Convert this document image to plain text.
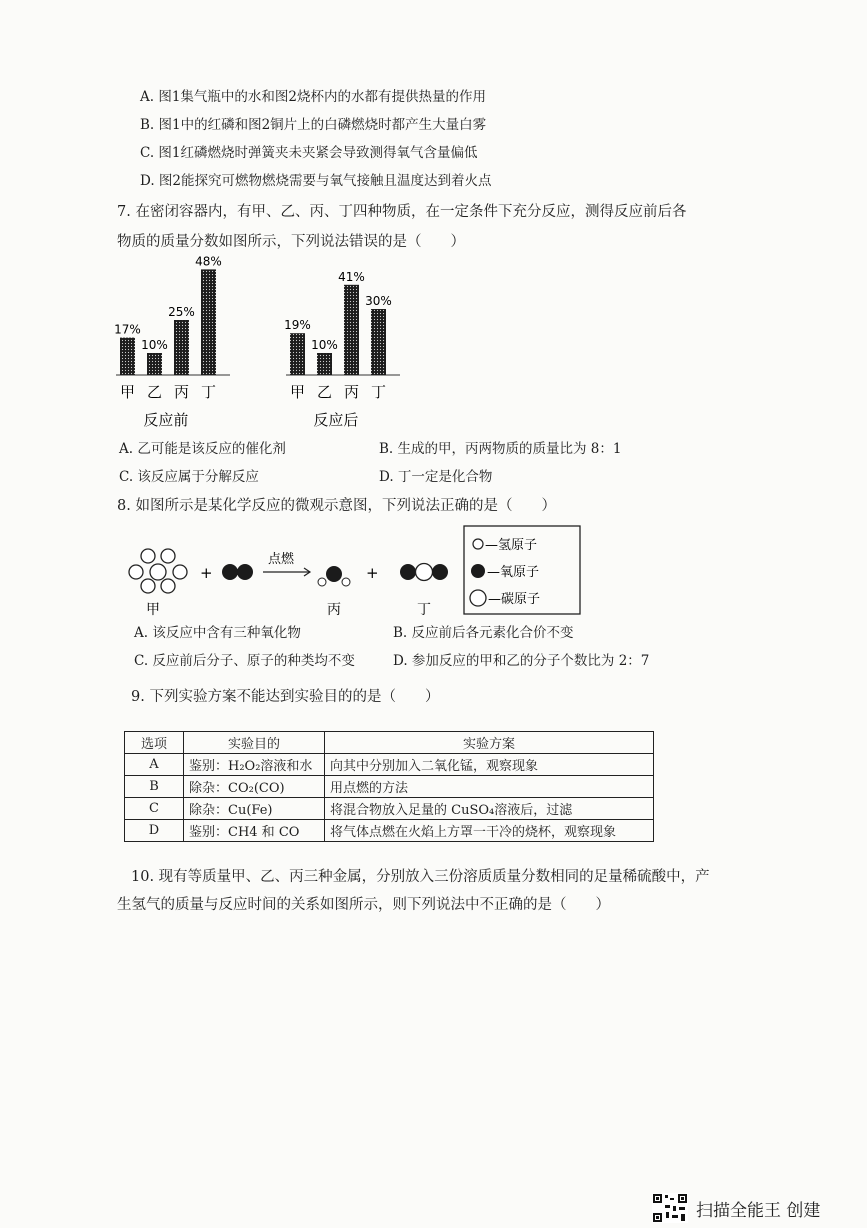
A. 图1集气瓶中的水和图2烧杯内的水都有提供热量的作用
B. 图1中的红磷和图2铜片上的白磷燃烧时都产生大量白雾
C. 图1红磷燃烧时弹簧夹未夹紧会导致测得氧气含量偏低
D. 图2能探究可燃物燃烧需要与氧气接触且温度达到着火点
7. 在密闭容器内，有甲、乙、丙、丁四种物质，在一定条件下充分反应，测得反应前后各
物质的质量分数如图所示，下列说法错误的是（　　）
17%
甲
10%
乙
25%
丙
48%
丁
反应前
19%
甲
10%
乙
41%
丙
30%
丁
反应后
A. 乙可能是该反应的催化剂	B. 生成的甲，丙两物质的质量比为 8：1
C. 该反应属于分解反应	D. 丁一定是化合物
8. 如图所示是某化学反应的微观示意图，下列说法正确的是（　　）
+
点燃
+
甲	丙	丁
—氢原子
—氧原子
—碳原子
A. 该反应中含有三种氧化物	B. 反应前后各元素化合价不变
C. 反应前后分子、原子的种类均不变	D. 参加反应的甲和乙的分子个数比为 2：7
9. 下列实验方案不能达到实验目的的是（　　）
选项	实验目的	实验方案
A	鉴别：H₂O₂溶液和水	向其中分别加入二氧化锰，观察现象
B	除杂：CO₂(CO)	用点燃的方法
C	除杂：Cu(Fe)	将混合物放入足量的 CuSO₄溶液后，过滤
D	鉴别：CH4 和 CO	将气体点燃在火焰上方罩一干冷的烧杯，观察现象
10. 现有等质量甲、乙、丙三种金属，分别放入三份溶质质量分数相同的足量稀硫酸中，产
生氢气的质量与反应时间的关系如图所示，则下列说法中不正确的是（　　）
扫描全能王 创建
